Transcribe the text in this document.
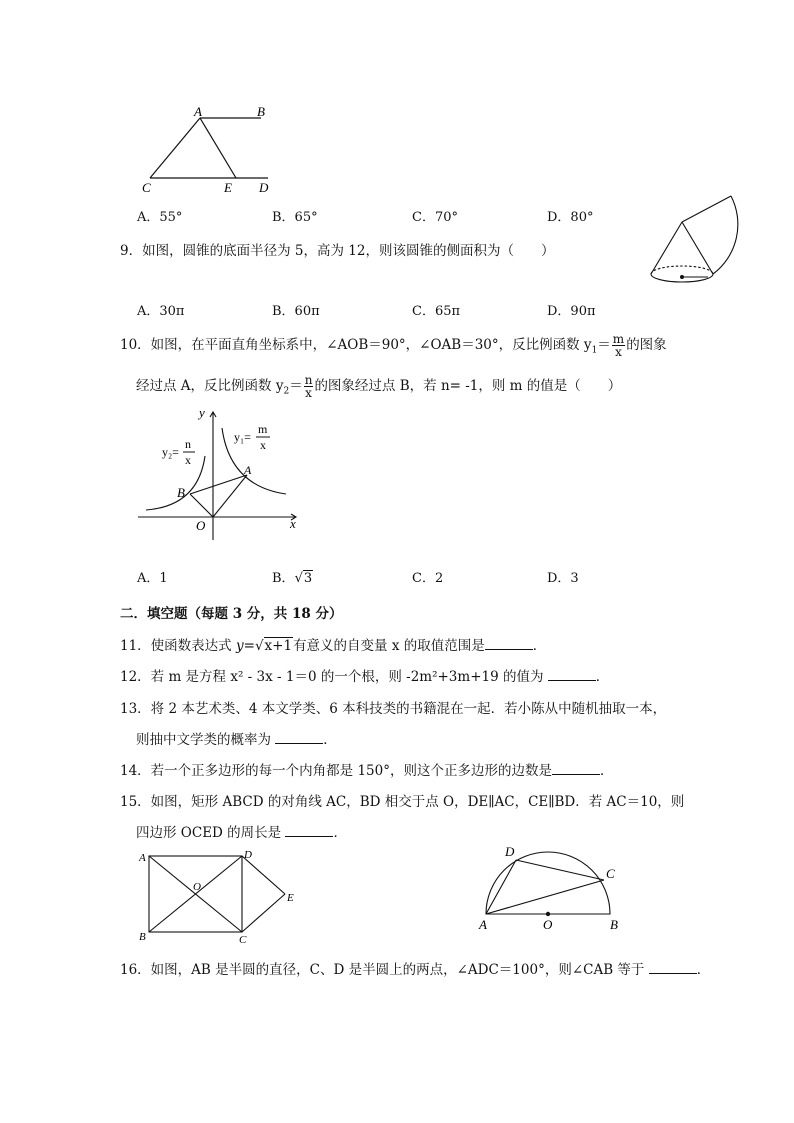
A	B
C	E D
A．55°	B．65°	C．70°	D．80°
9．如图，圆锥的底面半径为 5，高为 12，则该圆锥的侧面积为（　　）
A．30π	B．60π	C．65π	D．90π
10．如图，在平面直角坐标系中，∠AOB＝90°，∠OAB＝30°，反比例函数 $y_1= \frac{m}{x}$ 的图象
经过点 A，反比例函数 $y_2= \frac{n}{x}$ 的图象经过点 B，若 n= -1，则 m 的值是（　　）
y
x
O
A
B
y₁=
m
x
y₂=
n
x
A．1	B．√3	C．2	D．3
二．填空题（每题 3 分，共 18 分）
11．使函数表达式 y=√x+1有意义的自变量 x 的取值范围是	．
12．若 m 是方程 x² - 3x - 1＝0 的一个根，则 -2m²+3m+19 的值为	．
13．将 2 本艺术类、4 本文学类、6 本科技类的书籍混在一起．若小陈从中随机抽取一本，
则抽中文学类的概率为	．
14．若一个正多边形的每一个内角都是 150°，则这个正多边形的边数是	．
15．如图，矩形 ABCD 的对角线 AC，BD 相交于点 O，DE∥AC，CE∥BD．若 AC＝10，则
四边形 OCED 的周长是	．
A	D
O
E
B	C
D
C
A	O	B
16．如图，AB 是半圆的直径，C、D 是半圆上的两点，∠ADC＝100°，则∠CAB 等于	．
